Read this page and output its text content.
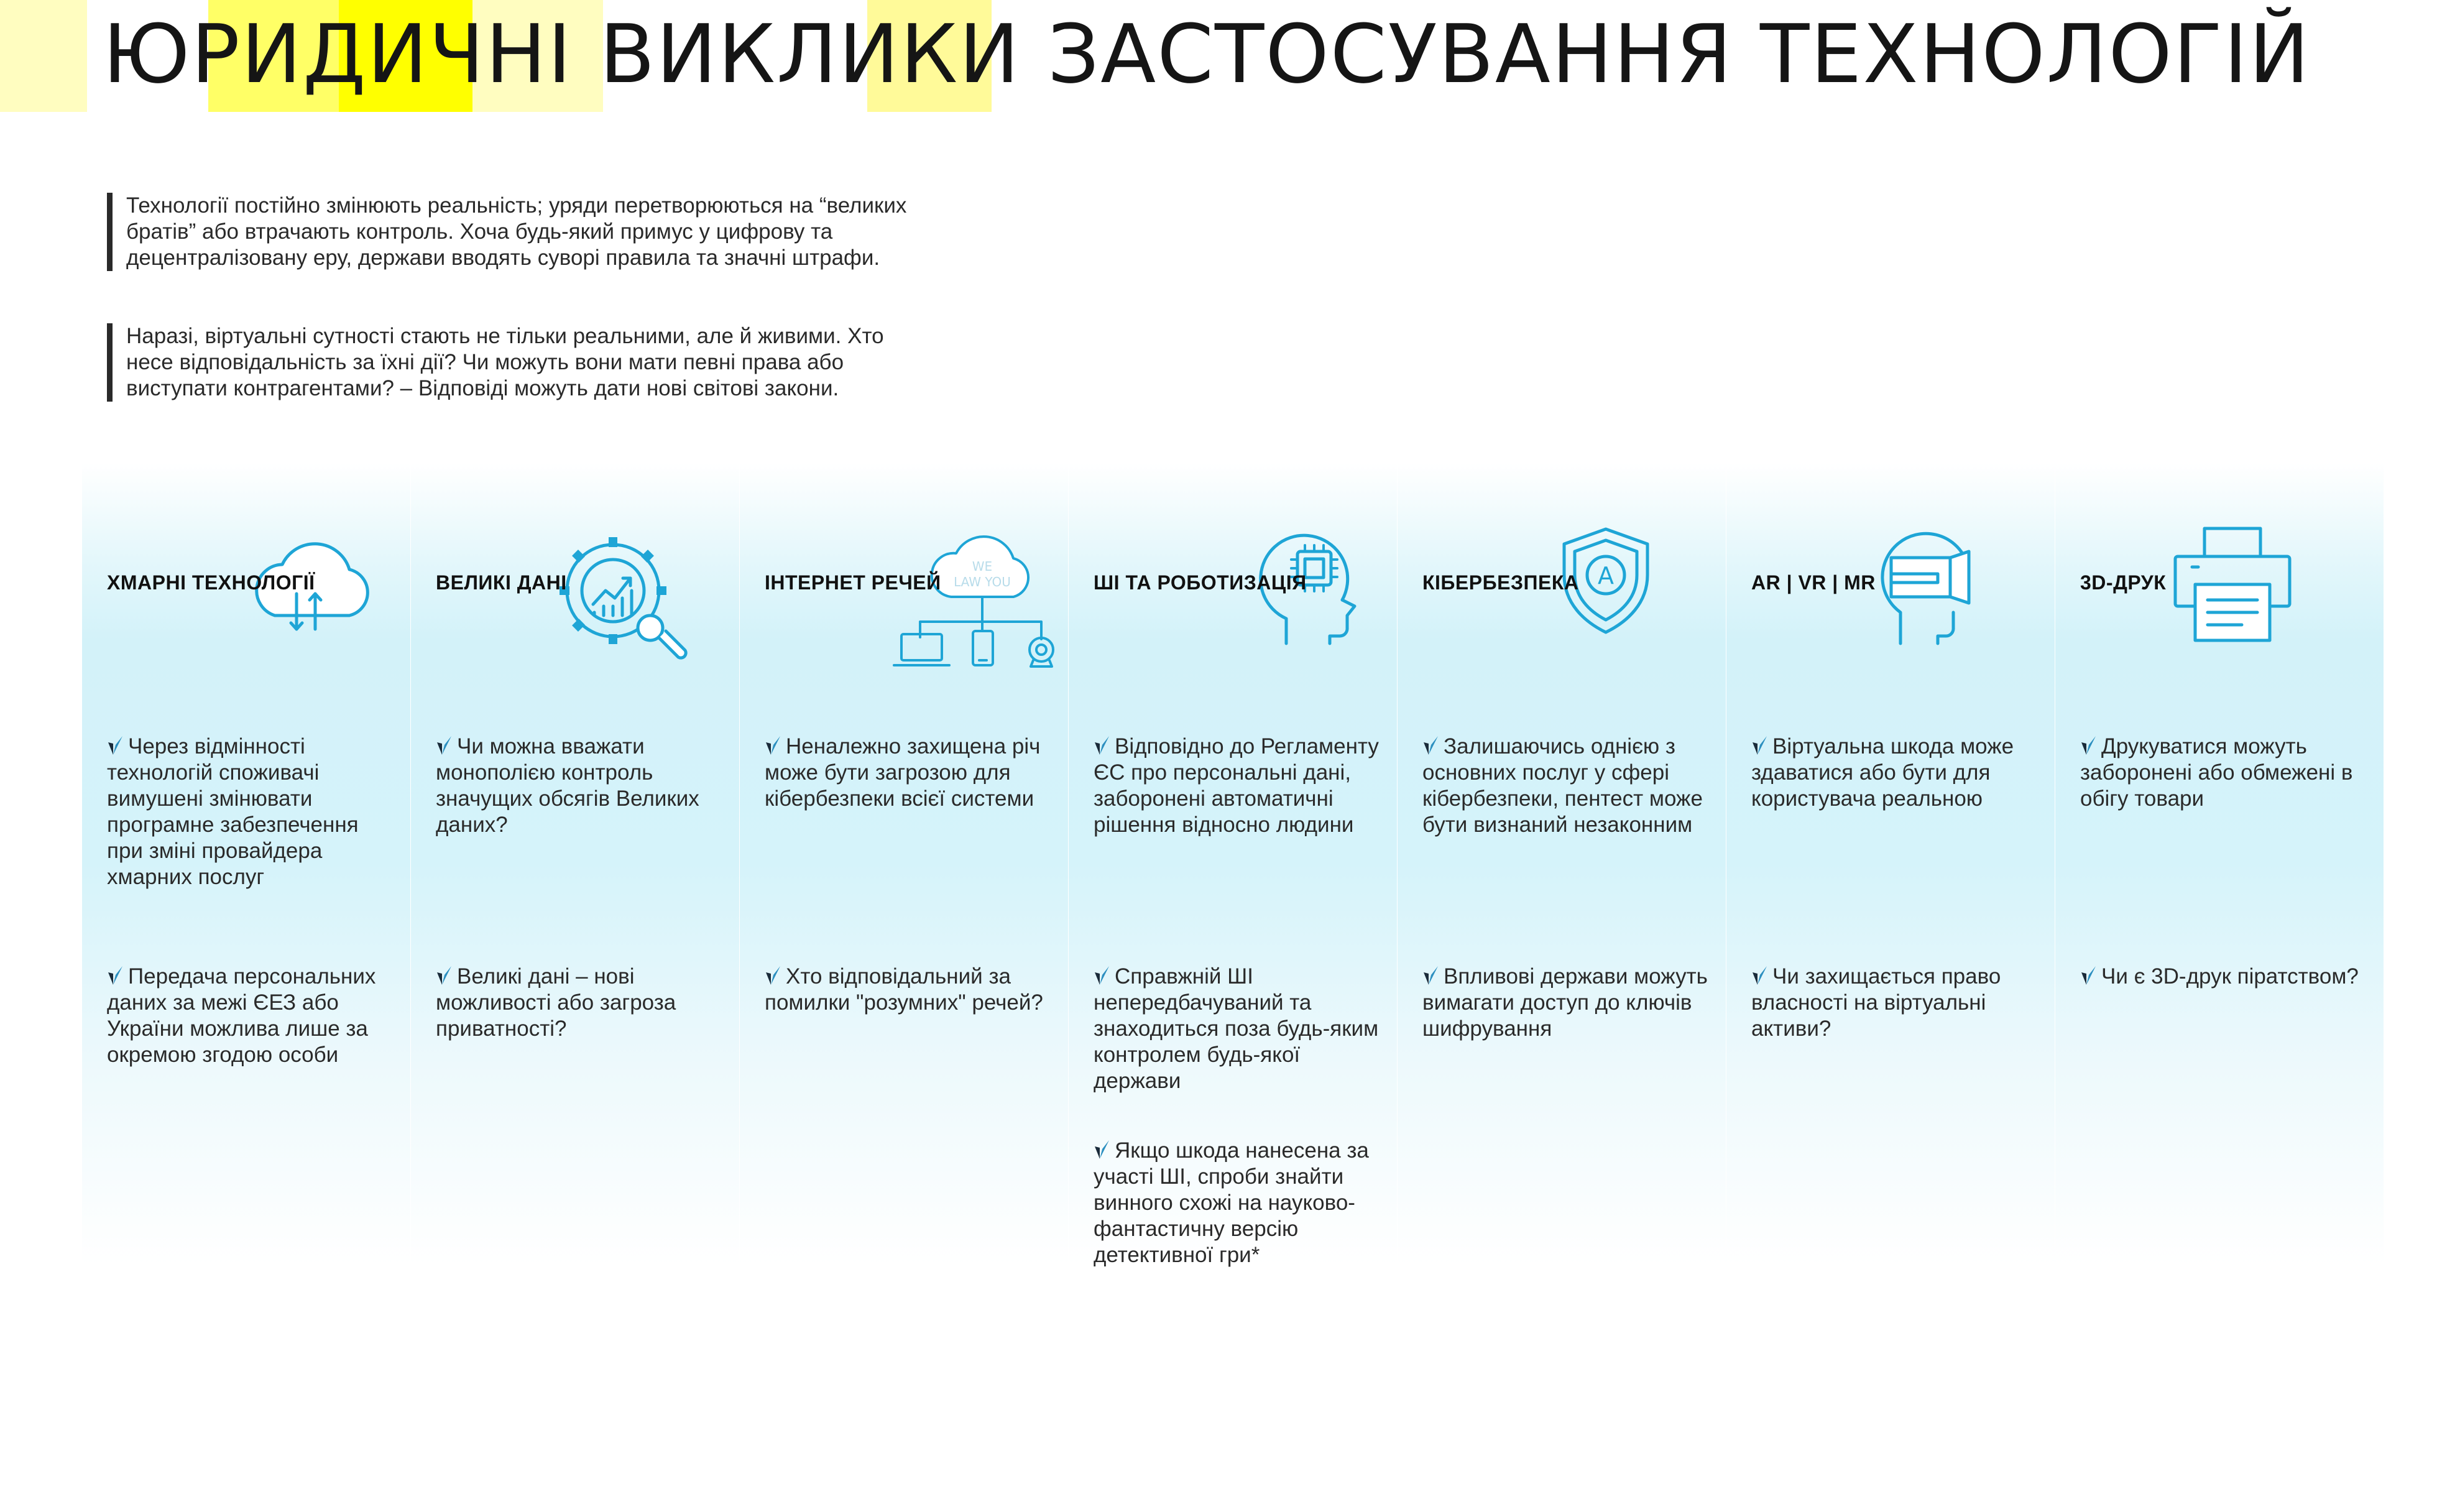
ЮРИДИЧНІ ВИКЛИКИ ЗАСТОСУВАННЯ ТЕХНОЛОГІЙ

Технології постійно змінюють реальність; уряди перетворюються на “великих братів” або втрачають контроль. Хоча будь-який примус у цифрову та децентралізовану еру, держави вводять суворі правила та значні штрафи.

Наразі, віртуальні сутності стають не тільки реальними, але й живими. Хто несе відповідальність за їхні дії? Чи можуть вони мати певні права або виступати контрагентами? – Відповіді можуть дати нові світові закони.

ХМАРНІ ТЕХНОЛОГІЇ
Через відмінності технологій споживачі вимушені змінювати програмне забезпечення при зміні провайдера хмарних послуг
Передача персональних даних за межі ЄЕЗ або України можлива лише за окремою згодою особи
ВЕЛИКІ ДАНІ
Чи можна вважати монополією контроль значущих обсягів Великих даних?
Великі дані – нові можливості або загроза приватності?
WE
LAW YOU
ІНТЕРНЕТ РЕЧЕЙ
Неналежно захищена річ може бути загрозою для кібербезпеки всієї системи
Хто відповідальний за помилки "розумних" речей?
ШІ ТА РОБОТИЗАЦІЯ
Відповідно до Регламенту ЄС про персональні дані, заборонені автоматичні рішення відносно людини
Справжній ШІ непередбачуваний та знаходиться поза будь-яким контролем будь-якої держави
Якщо шкода нанесена за участі ШІ, спроби знайти винного схожі на науково-фантастичну версію детективної гри*
A
КІБЕРБЕЗПЕКА
Залишаючись однією з основних послуг у сфері кібербезпеки, пентест може бути визнаний незаконним
Впливові держави можуть вимагати доступ до ключів шифрування
AR | VR | MR
Віртуальна шкода може здаватися або бути для користувача реальною
Чи захищається право власності на віртуальні активи?
3D-ДРУК
Друкуватися можуть заборонені або обмежені в обігу товари
Чи є 3D-друк піратством?
